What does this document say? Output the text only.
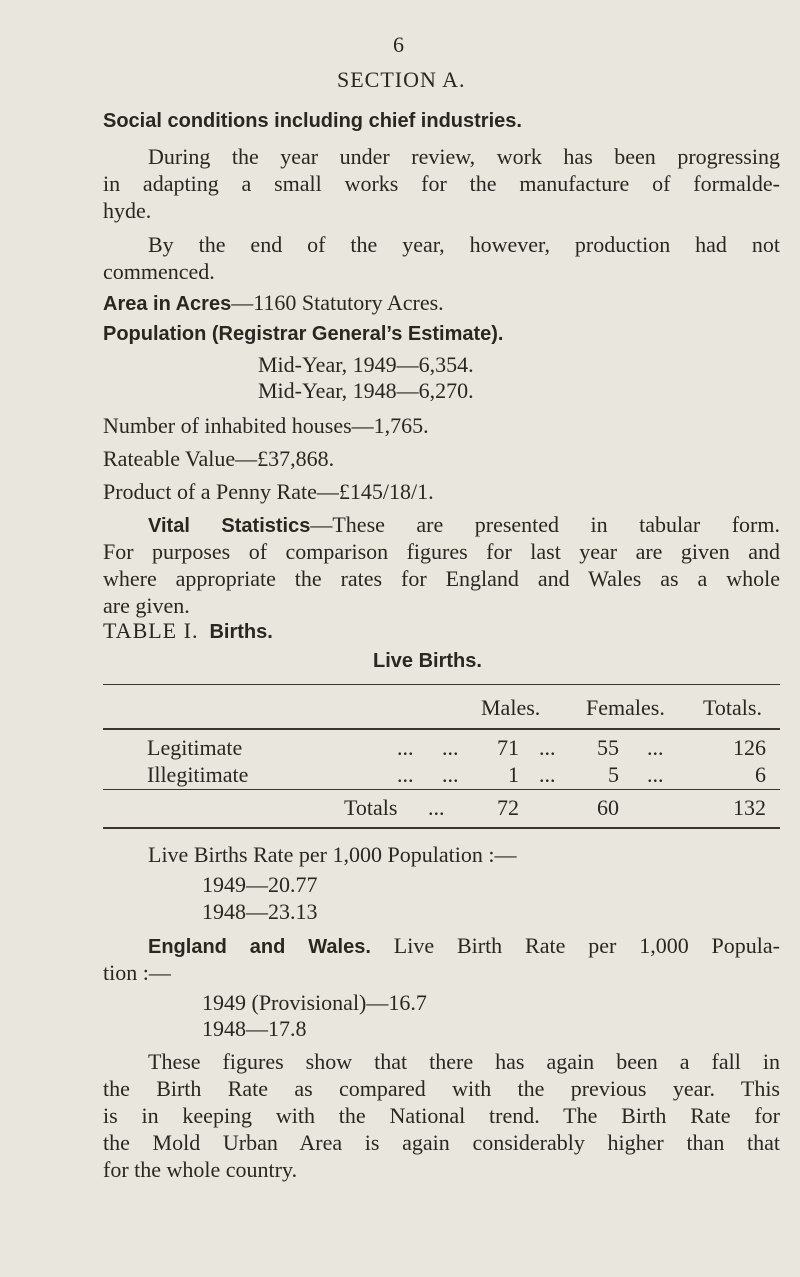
6
SECTION A.
Social conditions including chief industries.
During the year under review, work has been progressing
in adapting a small works for the manufacture of formalde-
hyde.
By the end of the year, however, production had not
commenced.
Area in Acres—1160 Statutory Acres.
Population (Registrar General’s Estimate).
Mid-Year, 1949—6,354.
Mid-Year, 1948—6,270.
Number of inhabited houses—1,765.
Rateable Value—£37,868.
Product of a Penny Rate—£145/18/1.
Vital Statistics—These are presented in tabular form.
For purposes of comparison figures for last year are given and
where appropriate the rates for England and Wales as a whole
are given.
TABLE I. Births.
Live Births.
Males. Females. Totals.
Legitimate	... ...	71 ...	55 ...	126
Illegitimate	... ...	1 ...	5 ...	6
Totals ...	72	60	132
Live Births Rate per 1,000 Population :—
1949—20.77
1948—23.13
England and Wales. Live Birth Rate per 1,000 Popula-
tion :—
1949 (Provisional)—16.7
1948—17.8
These figures show that there has again been a fall in
the Birth Rate as compared with the previous year. This
is in keeping with the National trend. The Birth Rate for
the Mold Urban Area is again considerably higher than that
for the whole country.
